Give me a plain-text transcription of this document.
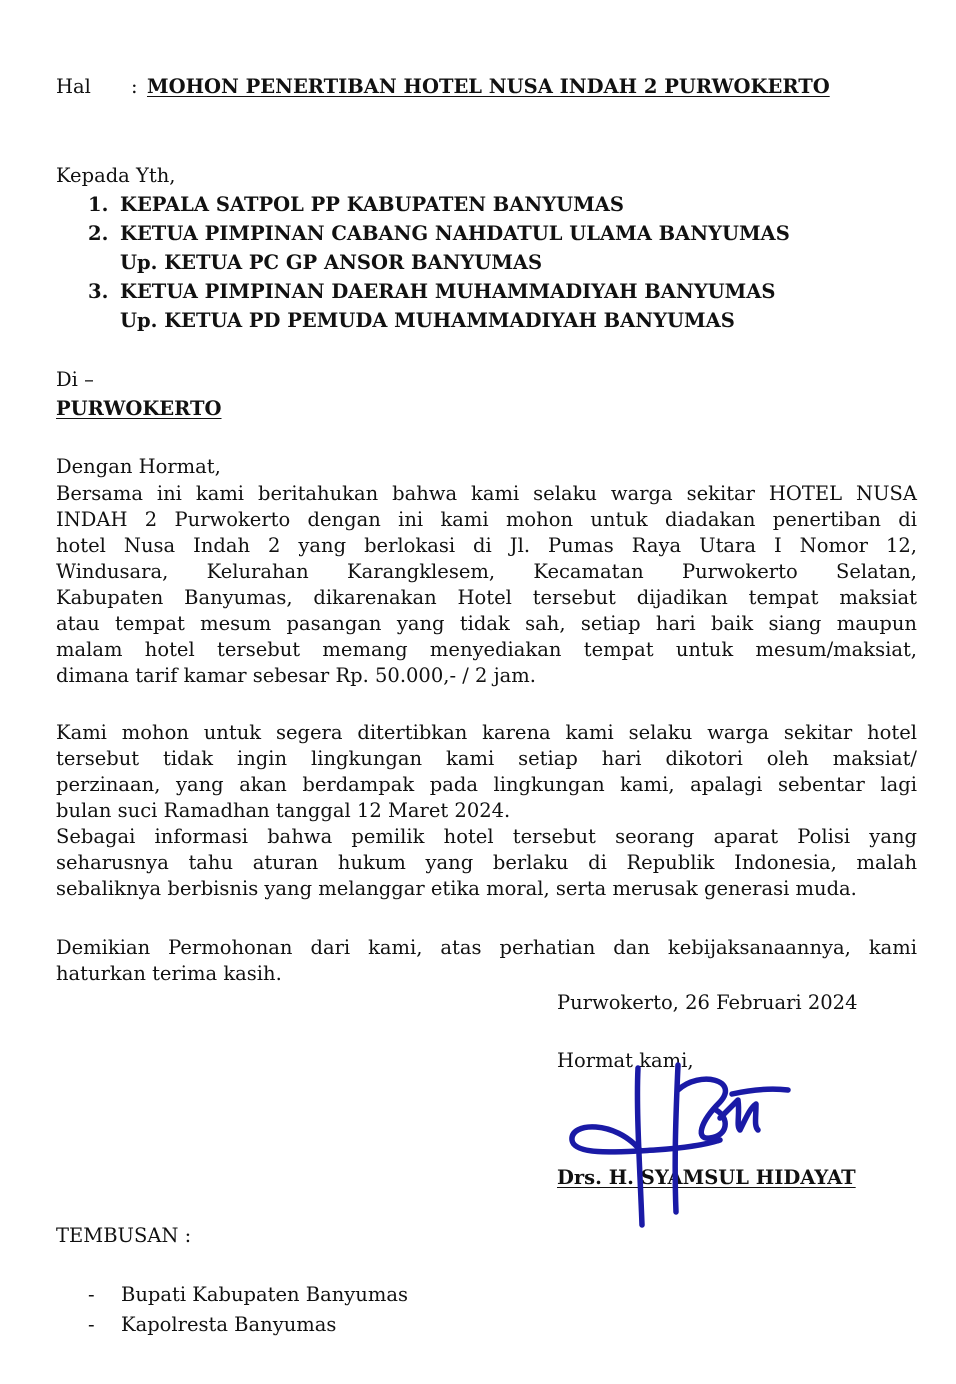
Hal : MOHON PENERTIBAN HOTEL NUSA INDAH 2 PURWOKERTO
Kepada Yth,
1. KEPALA SATPOL PP KABUPATEN BANYUMAS
2. KETUA PIMPINAN CABANG NAHDATUL ULAMA BANYUMAS
Up. KETUA PC GP ANSOR BANYUMAS
3. KETUA PIMPINAN DAERAH MUHAMMADIYAH BANYUMAS
Up. KETUA PD PEMUDA MUHAMMADIYAH BANYUMAS
Di –
PURWOKERTO
Dengan Hormat,
Bersama ini kami beritahukan bahwa kami selaku warga sekitar HOTEL NUSA
INDAH 2 Purwokerto dengan ini kami mohon untuk diadakan penertiban di
hotel Nusa Indah 2 yang berlokasi di Jl. Pumas Raya Utara I Nomor 12,
Windusara, Kelurahan Karangklesem, Kecamatan Purwokerto Selatan,
Kabupaten Banyumas, dikarenakan Hotel tersebut dijadikan tempat maksiat
atau tempat mesum pasangan yang tidak sah, setiap hari baik siang maupun
malam hotel tersebut memang menyediakan tempat untuk mesum/maksiat,
dimana tarif kamar sebesar Rp. 50.000,- / 2 jam.
Kami mohon untuk segera ditertibkan karena kami selaku warga sekitar hotel
tersebut tidak ingin lingkungan kami setiap hari dikotori oleh maksiat/
perzinaan, yang akan berdampak pada lingkungan kami, apalagi sebentar lagi
bulan suci Ramadhan tanggal 12 Maret 2024.
Sebagai informasi bahwa pemilik hotel tersebut seorang aparat Polisi yang
seharusnya tahu aturan hukum yang berlaku di Republik Indonesia, malah
sebaliknya berbisnis yang melanggar etika moral, serta merusak generasi muda.
Demikian Permohonan dari kami, atas perhatian dan kebijaksanaannya, kami
haturkan terima kasih.
Purwokerto, 26 Februari 2024
Hormat kami,
Drs. H. SYAMSUL HIDAYAT
TEMBUSAN :
- Bupati Kabupaten Banyumas
- Kapolresta Banyumas
